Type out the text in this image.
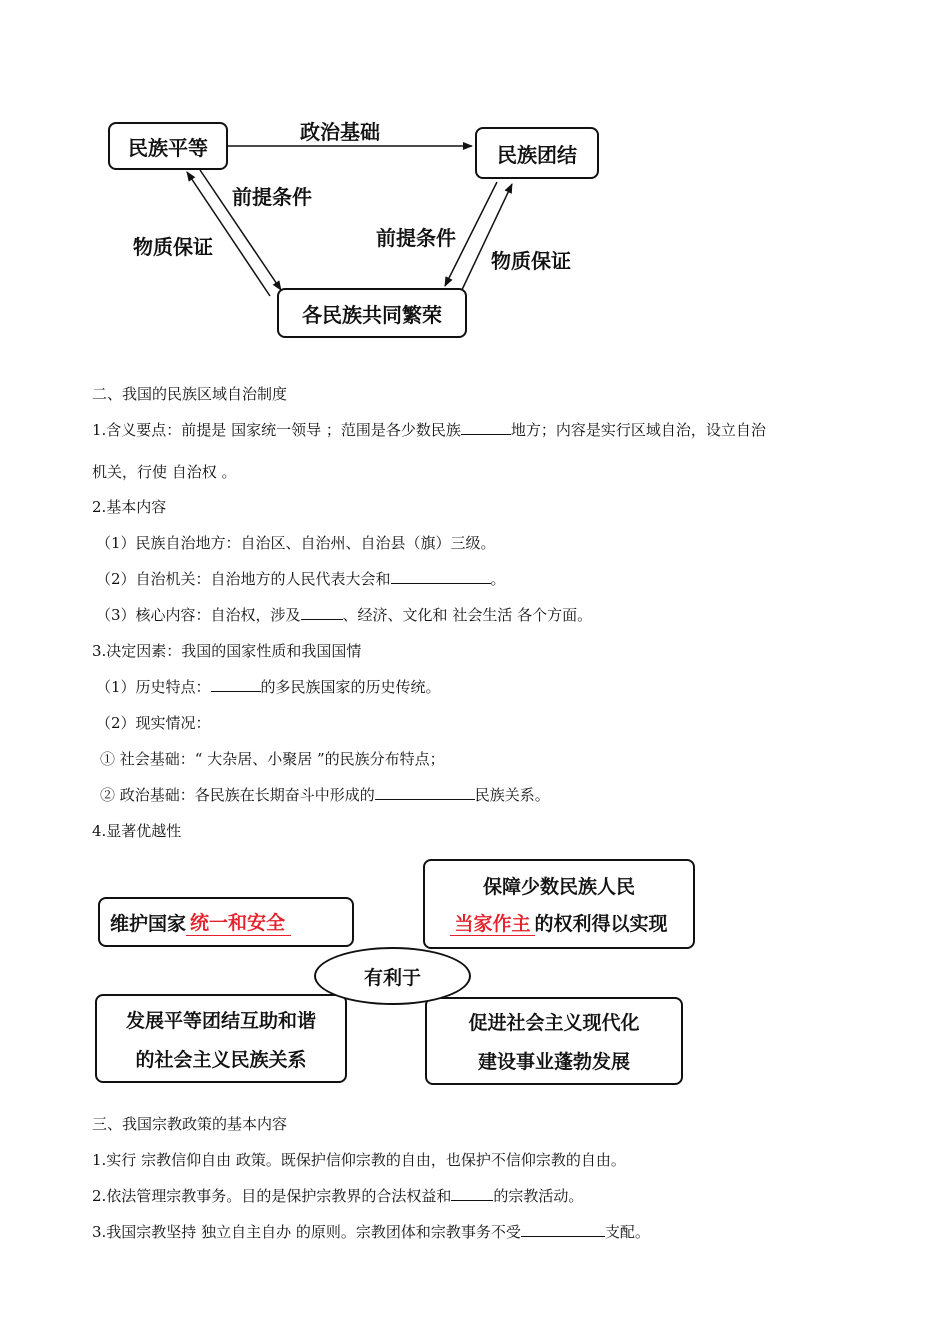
民族平等	民族团结
各民族共同繁荣
政治基础
前提条件
物质保证	前提条件
物质保证
二、我国的民族区域自治制度
1.含义要点：前提是 国家统一领导 ；范围是各少数民族	地方；内容是实行区域自治，设立自治
机关，行使 自治权 。
2.基本内容
（1）民族自治地方：自治区、自治州、自治县（旗）三级。
（2）自治机关：自治地方的人民代表大会和	。
（3）核心内容：自治权，涉及	、经济、文化和 社会生活 各个方面。
3.决定因素：我国的国家性质和我国国情
（1）历史特点：	的多民族国家的历史传统。
（2）现实情况：
① 社会基础：“ 大杂居、小聚居 ”的民族分布特点；
② 政治基础：各民族在长期奋斗中形成的	民族关系。
4.显著优越性
维护国家 统一和安全
保障少数民族人民
当家作主 的权利得以实现
发展平等团结互助和谐
的社会主义民族关系
促进社会主义现代化
建设事业蓬勃发展
有利于
三、我国宗教政策的基本内容
1.实行 宗教信仰自由 政策。既保护信仰宗教的自由，也保护不信仰宗教的自由。
2.依法管理宗教事务。目的是保护宗教界的合法权益和	的宗教活动。
3.我国宗教坚持 独立自主自办 的原则。宗教团体和宗教事务不受	支配。
